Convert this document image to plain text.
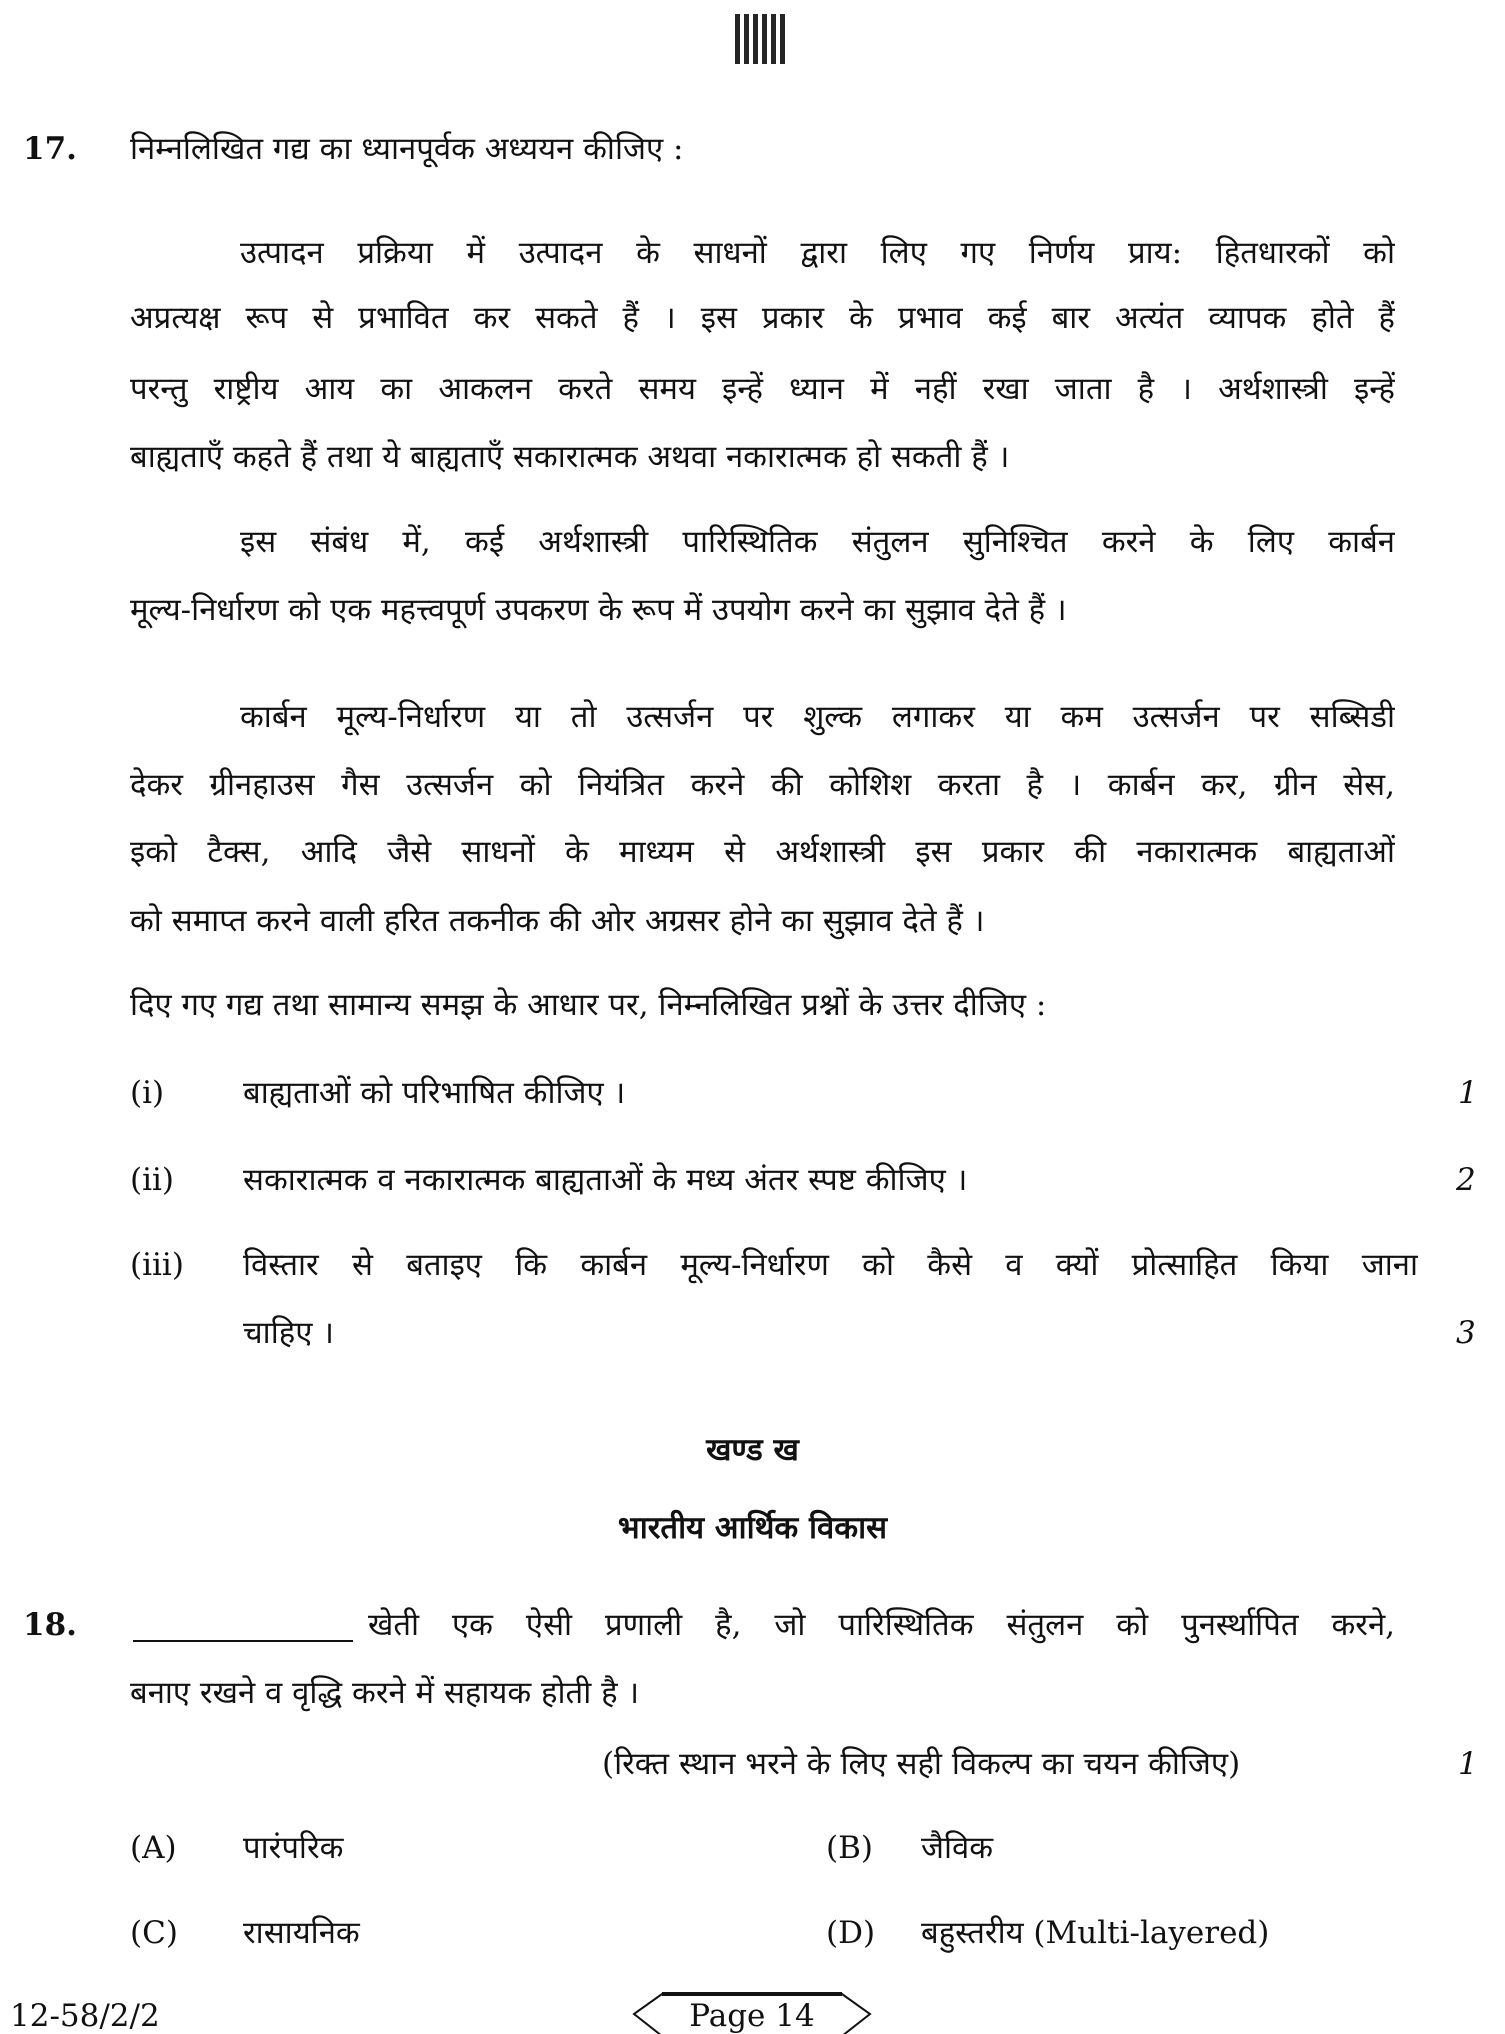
17. निम्नलिखित गद्य का ध्यानपूर्वक अध्ययन कीजिए :
उत्पादन प्रक्रिया में उत्पादन के साधनों द्वारा लिए गए निर्णय प्राय: हितधारकों को
अप्रत्यक्ष रूप से प्रभावित कर सकते हैं । इस प्रकार के प्रभाव कई बार अत्यंत व्यापक होते हैं
परन्तु राष्ट्रीय आय का आकलन करते समय इन्हें ध्यान में नहीं रखा जाता है । अर्थशास्त्री इन्हें
बाह्यताएँ कहते हैं तथा ये बाह्यताएँ सकारात्मक अथवा नकारात्मक हो सकती हैं ।
इस संबंध में, कई अर्थशास्त्री पारिस्थितिक संतुलन सुनिश्चित करने के लिए कार्बन
मूल्य-निर्धारण को एक महत्त्वपूर्ण उपकरण के रूप में उपयोग करने का सुझाव देते हैं ।
कार्बन मूल्य-निर्धारण या तो उत्सर्जन पर शुल्क लगाकर या कम उत्सर्जन पर सब्सिडी
देकर ग्रीनहाउस गैस उत्सर्जन को नियंत्रित करने की कोशिश करता है । कार्बन कर, ग्रीन सेस,
इको टैक्स, आदि जैसे साधनों के माध्यम से अर्थशास्त्री इस प्रकार की नकारात्मक बाह्यताओं
को समाप्त करने वाली हरित तकनीक की ओर अग्रसर होने का सुझाव देते हैं ।
दिए गए गद्य तथा सामान्य समझ के आधार पर, निम्नलिखित प्रश्नों के उत्तर दीजिए :
(i)	बाह्यताओं को परिभाषित कीजिए ।	1
(ii) सकारात्मक व नकारात्मक बाह्यताओं के मध्य अंतर स्पष्ट कीजिए ।	2
(iii) विस्तार से बताइए कि कार्बन मूल्य-निर्धारण को कैसे व क्यों प्रोत्साहित किया जाना
चाहिए ।	3
खण्ड ख
भारतीय आर्थिक विकास
18.	खेती एक ऐसी प्रणाली है, जो पारिस्थितिक संतुलन को पुनर्स्थापित करने,
बनाए रखने व वृद्धि करने में सहायक होती है ।
(रिक्त स्थान भरने के लिए सही विकल्प का चयन कीजिए)	1
(A) पारंपरिक	(B) जैविक
(C) रासायनिक	(D) बहुस्तरीय (Multi-layered)
12-58/2/2	Page 14
